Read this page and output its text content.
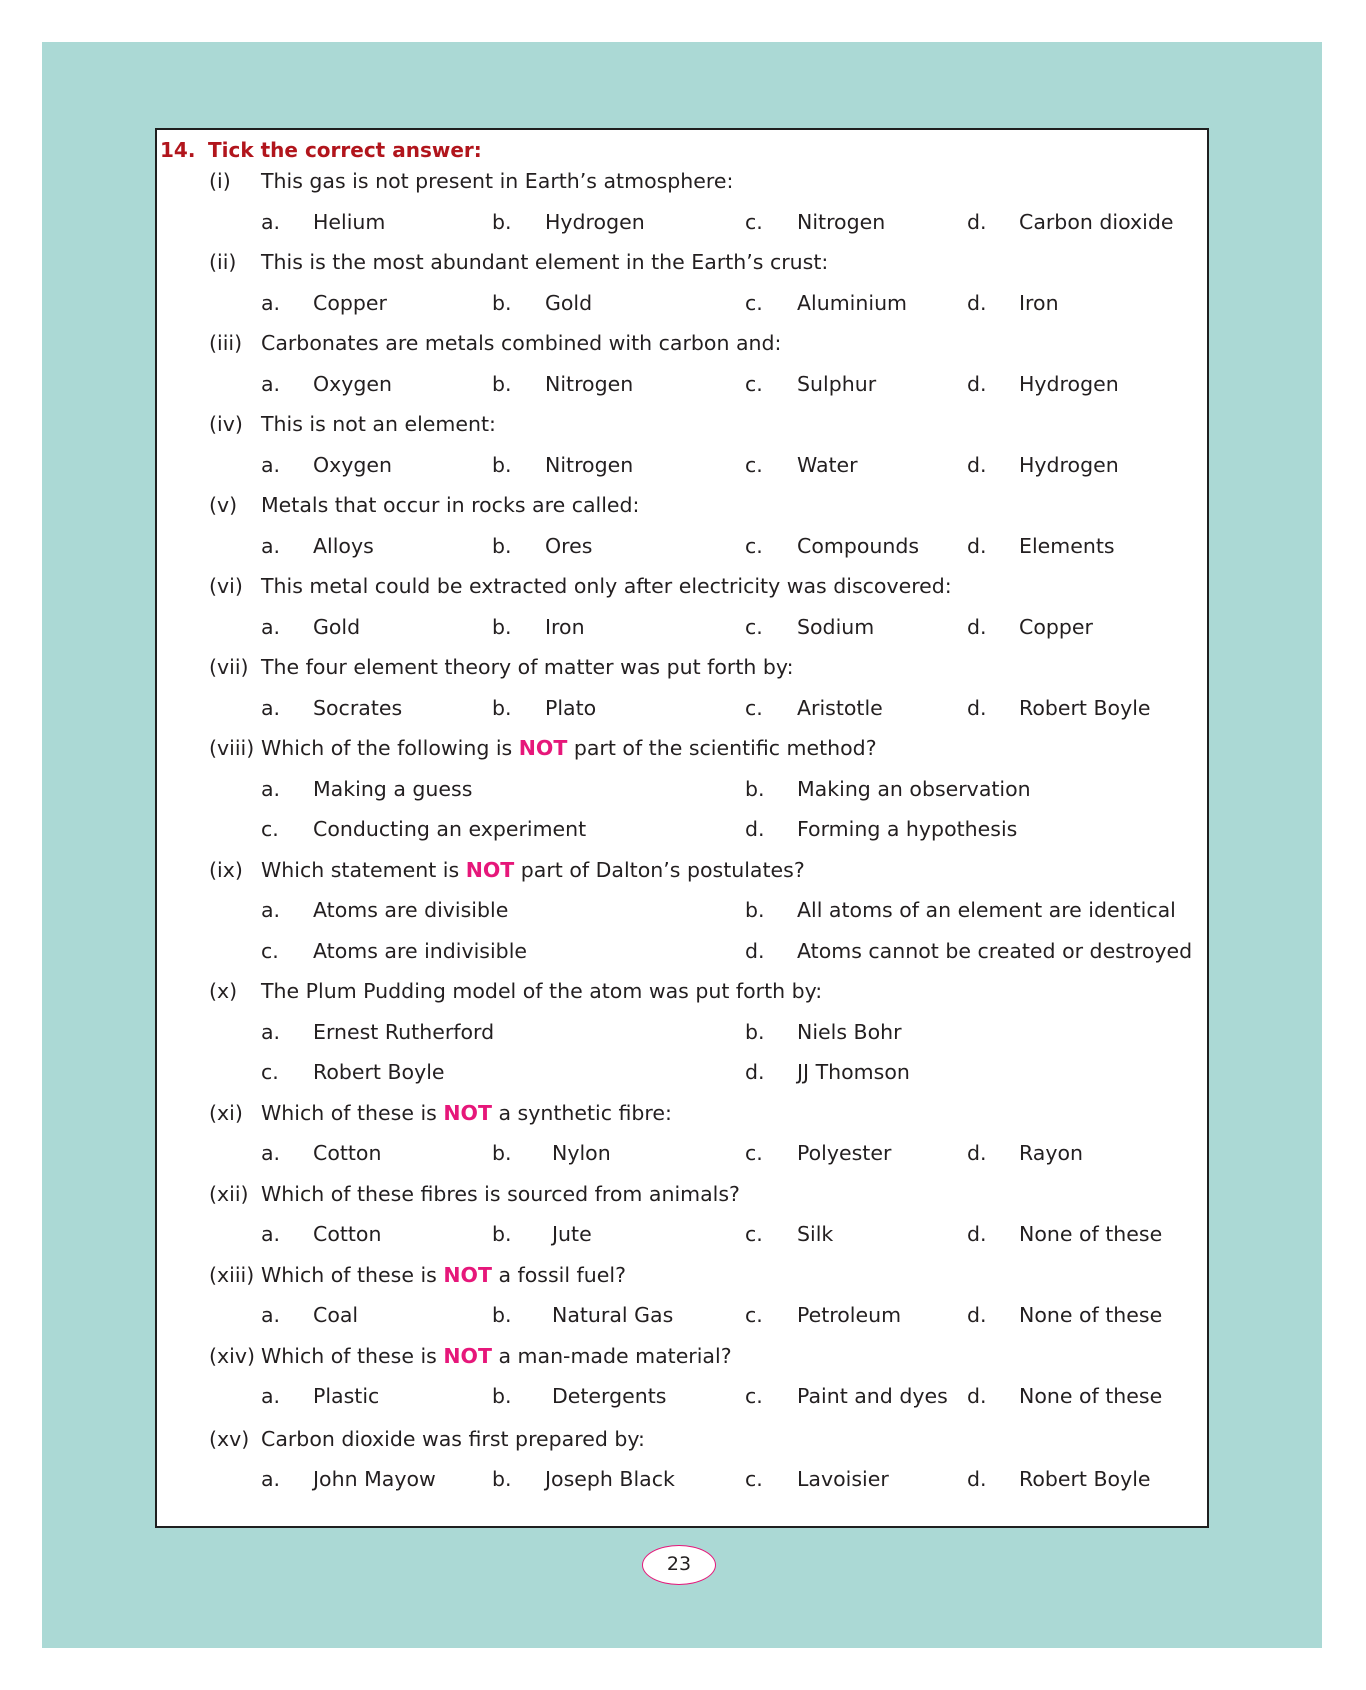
14. Tick the correct answer:
(i) This gas is not present in Earth’s atmosphere:
a. Helium	b. Hydrogen	c. Nitrogen	d. Carbon dioxide
(ii) This is the most abundant element in the Earth’s crust:
a. Copper	b. Gold	c. Aluminium	d. Iron
(iii) Carbonates are metals combined with carbon and:
a. Oxygen	b. Nitrogen	c. Sulphur	d. Hydrogen
(iv) This is not an element:
a. Oxygen	b. Nitrogen	c. Water	d. Hydrogen
(v) Metals that occur in rocks are called:
a. Alloys	b. Ores	c. Compounds d. Elements
(vi) This metal could be extracted only after electricity was discovered:
a. Gold	b. Iron	c. Sodium	d. Copper
(vii) The four element theory of matter was put forth by:
a. Socrates	b. Plato	c. Aristotle	d. Robert Boyle
(viii) Which of the following is NOT part of the scientific method?
a. Making a guess	b. Making an observation
c. Conducting an experiment	d. Forming a hypothesis
(ix) Which statement is NOT part of Dalton’s postulates?
a. Atoms are divisible	b. All atoms of an element are identical
c. Atoms are indivisible	d. Atoms cannot be created or destroyed
(x) The Plum Pudding model of the atom was put forth by:
a. Ernest Rutherford	b. Niels Bohr
c. Robert Boyle	d. JJ Thomson
(xi) Which of these is NOT a synthetic fibre:
a. Cotton	b. Nylon	c. Polyester	d. Rayon
(xii) Which of these fibres is sourced from animals?
a. Cotton	b. Jute	c. Silk	d. None of these
(xiii) Which of these is NOT a fossil fuel?
a. Coal	b. Natural Gas	c. Petroleum	d. None of these
(xiv) Which of these is NOT a man-made material?
a. Plastic	b. Detergents	c. Paint and dyes d. None of these
(xv) Carbon dioxide was first prepared by:
a. John Mayow	b. Joseph Black	c. Lavoisier	d. Robert Boyle
23
